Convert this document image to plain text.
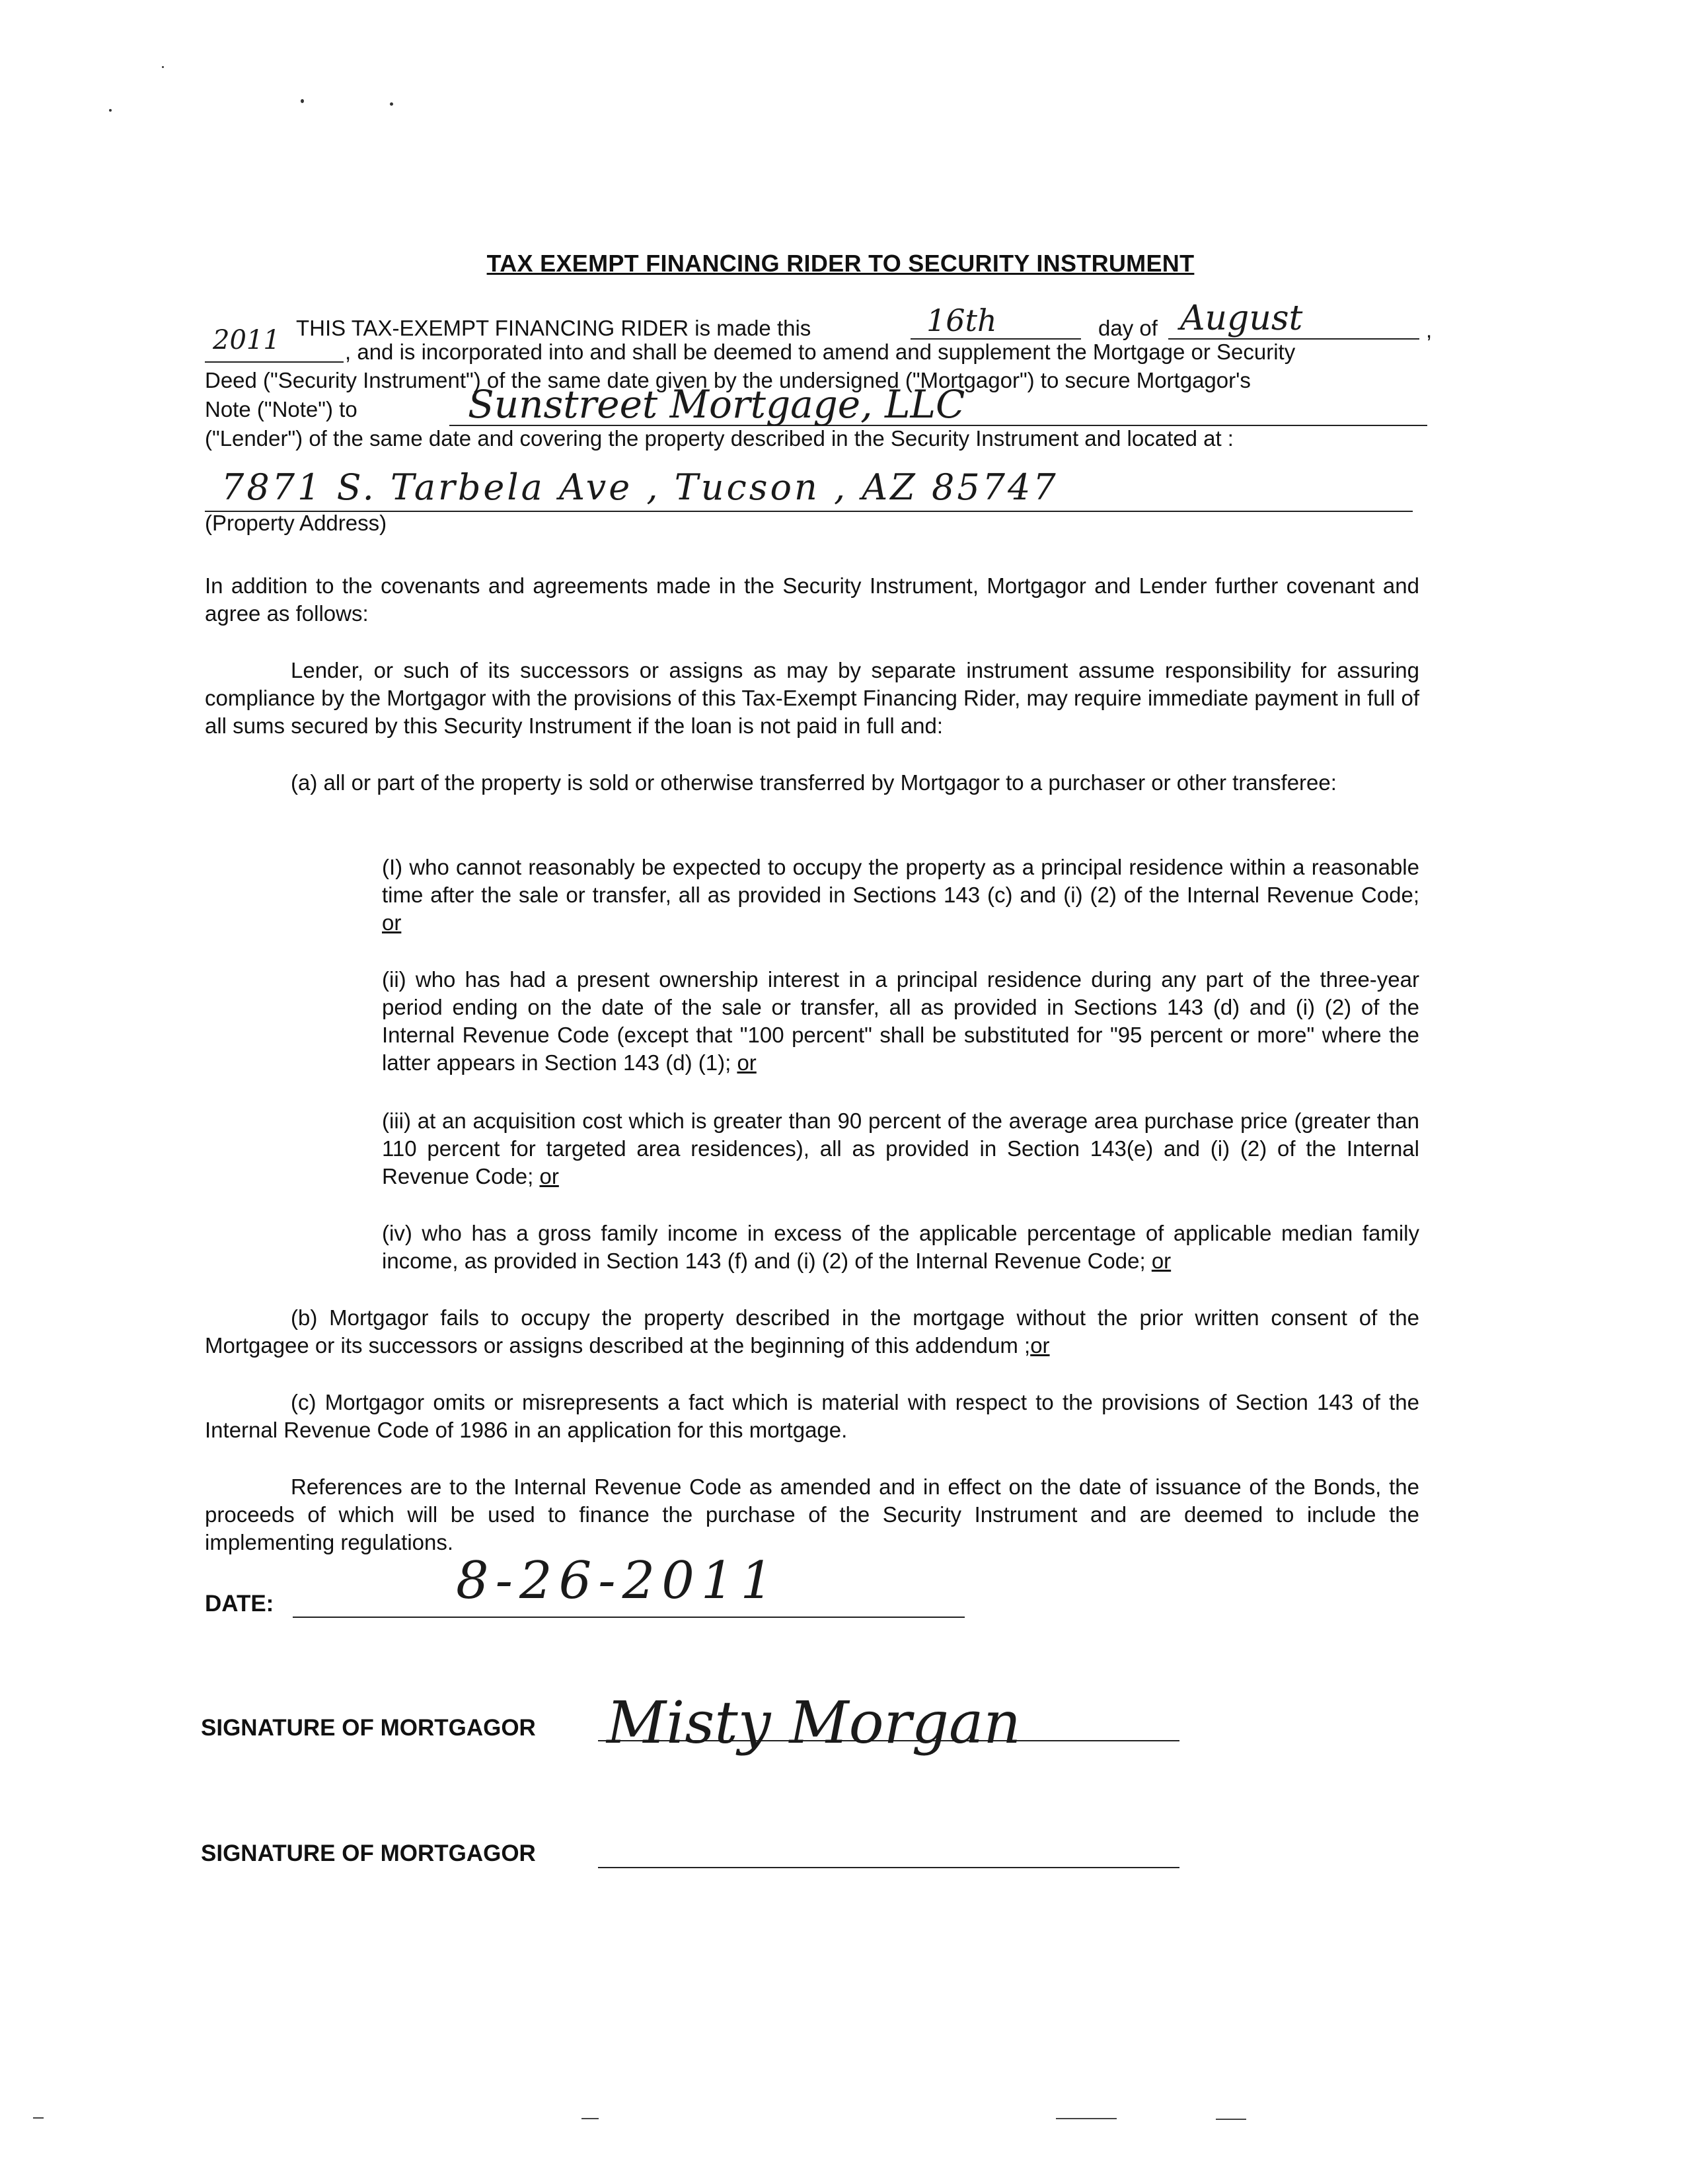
TAX EXEMPT FINANCING RIDER TO SECURITY INSTRUMENT
THIS TAX-EXEMPT FINANCING RIDER is made this	16th	day of August	,
2011	, and is incorporated into and shall be deemed to amend and supplement the Mortgage or Security
Deed ("Security Instrument") of the same date given by the undersigned ("Mortgagor") to secure Mortgagor's
Note ("Note") to	Sunstreet Mortgage, LLC
("Lender") of the same date and covering the property described in the Security Instrument and located at :
7871 S. Tarbela Ave , Tucson , AZ 85747
(Property Address)
In addition to the covenants and agreements made in the Security Instrument, Mortgagor and Lender further covenant and agree as follows:
Lender, or such of its successors or assigns as may by separate instrument assume responsibility for assuring compliance by the Mortgagor with the provisions of this Tax-Exempt Financing Rider, may require immediate payment in full of all sums secured by this Security Instrument if the loan is not paid in full and:
(a) all or part of the property is sold or otherwise transferred by Mortgagor to a purchaser or other transferee:
(I) who cannot reasonably be expected to occupy the property as a principal residence within a reasonable time after the sale or transfer, all as provided in Sections 143 (c) and (i) (2) of the Internal Revenue Code; or
(ii) who has had a present ownership interest in a principal residence during any part of the three-year period ending on the date of the sale or transfer, all as provided in Sections 143 (d) and (i) (2) of the Internal Revenue Code (except that "100 percent" shall be substituted for "95 percent or more" where the latter appears in Section 143 (d) (1); or
(iii) at an acquisition cost which is greater than 90 percent of the average area purchase price (greater than 110 percent for targeted area residences), all as provided in Section 143(e) and (i) (2) of the Internal Revenue Code; or
(iv) who has a gross family income in excess of the applicable percentage of applicable median family income, as provided in Section 143 (f) and (i) (2) of the Internal Revenue Code; or
(b) Mortgagor fails to occupy the property described in the mortgage without the prior written consent of the Mortgagee or its successors or assigns described at the beginning of this addendum ;or
(c) Mortgagor omits or misrepresents a fact which is material with respect to the provisions of Section 143 of the Internal Revenue Code of 1986 in an application for this mortgage.
References are to the Internal Revenue Code as amended and in effect on the date of issuance of the Bonds, the proceeds of which will be used to finance the purchase of the Security Instrument and are deemed to include the implementing regulations.
DATE:	8-26-2011
SIGNATURE OF MORTGAGOR Misty Morgan
SIGNATURE OF MORTGAGOR
